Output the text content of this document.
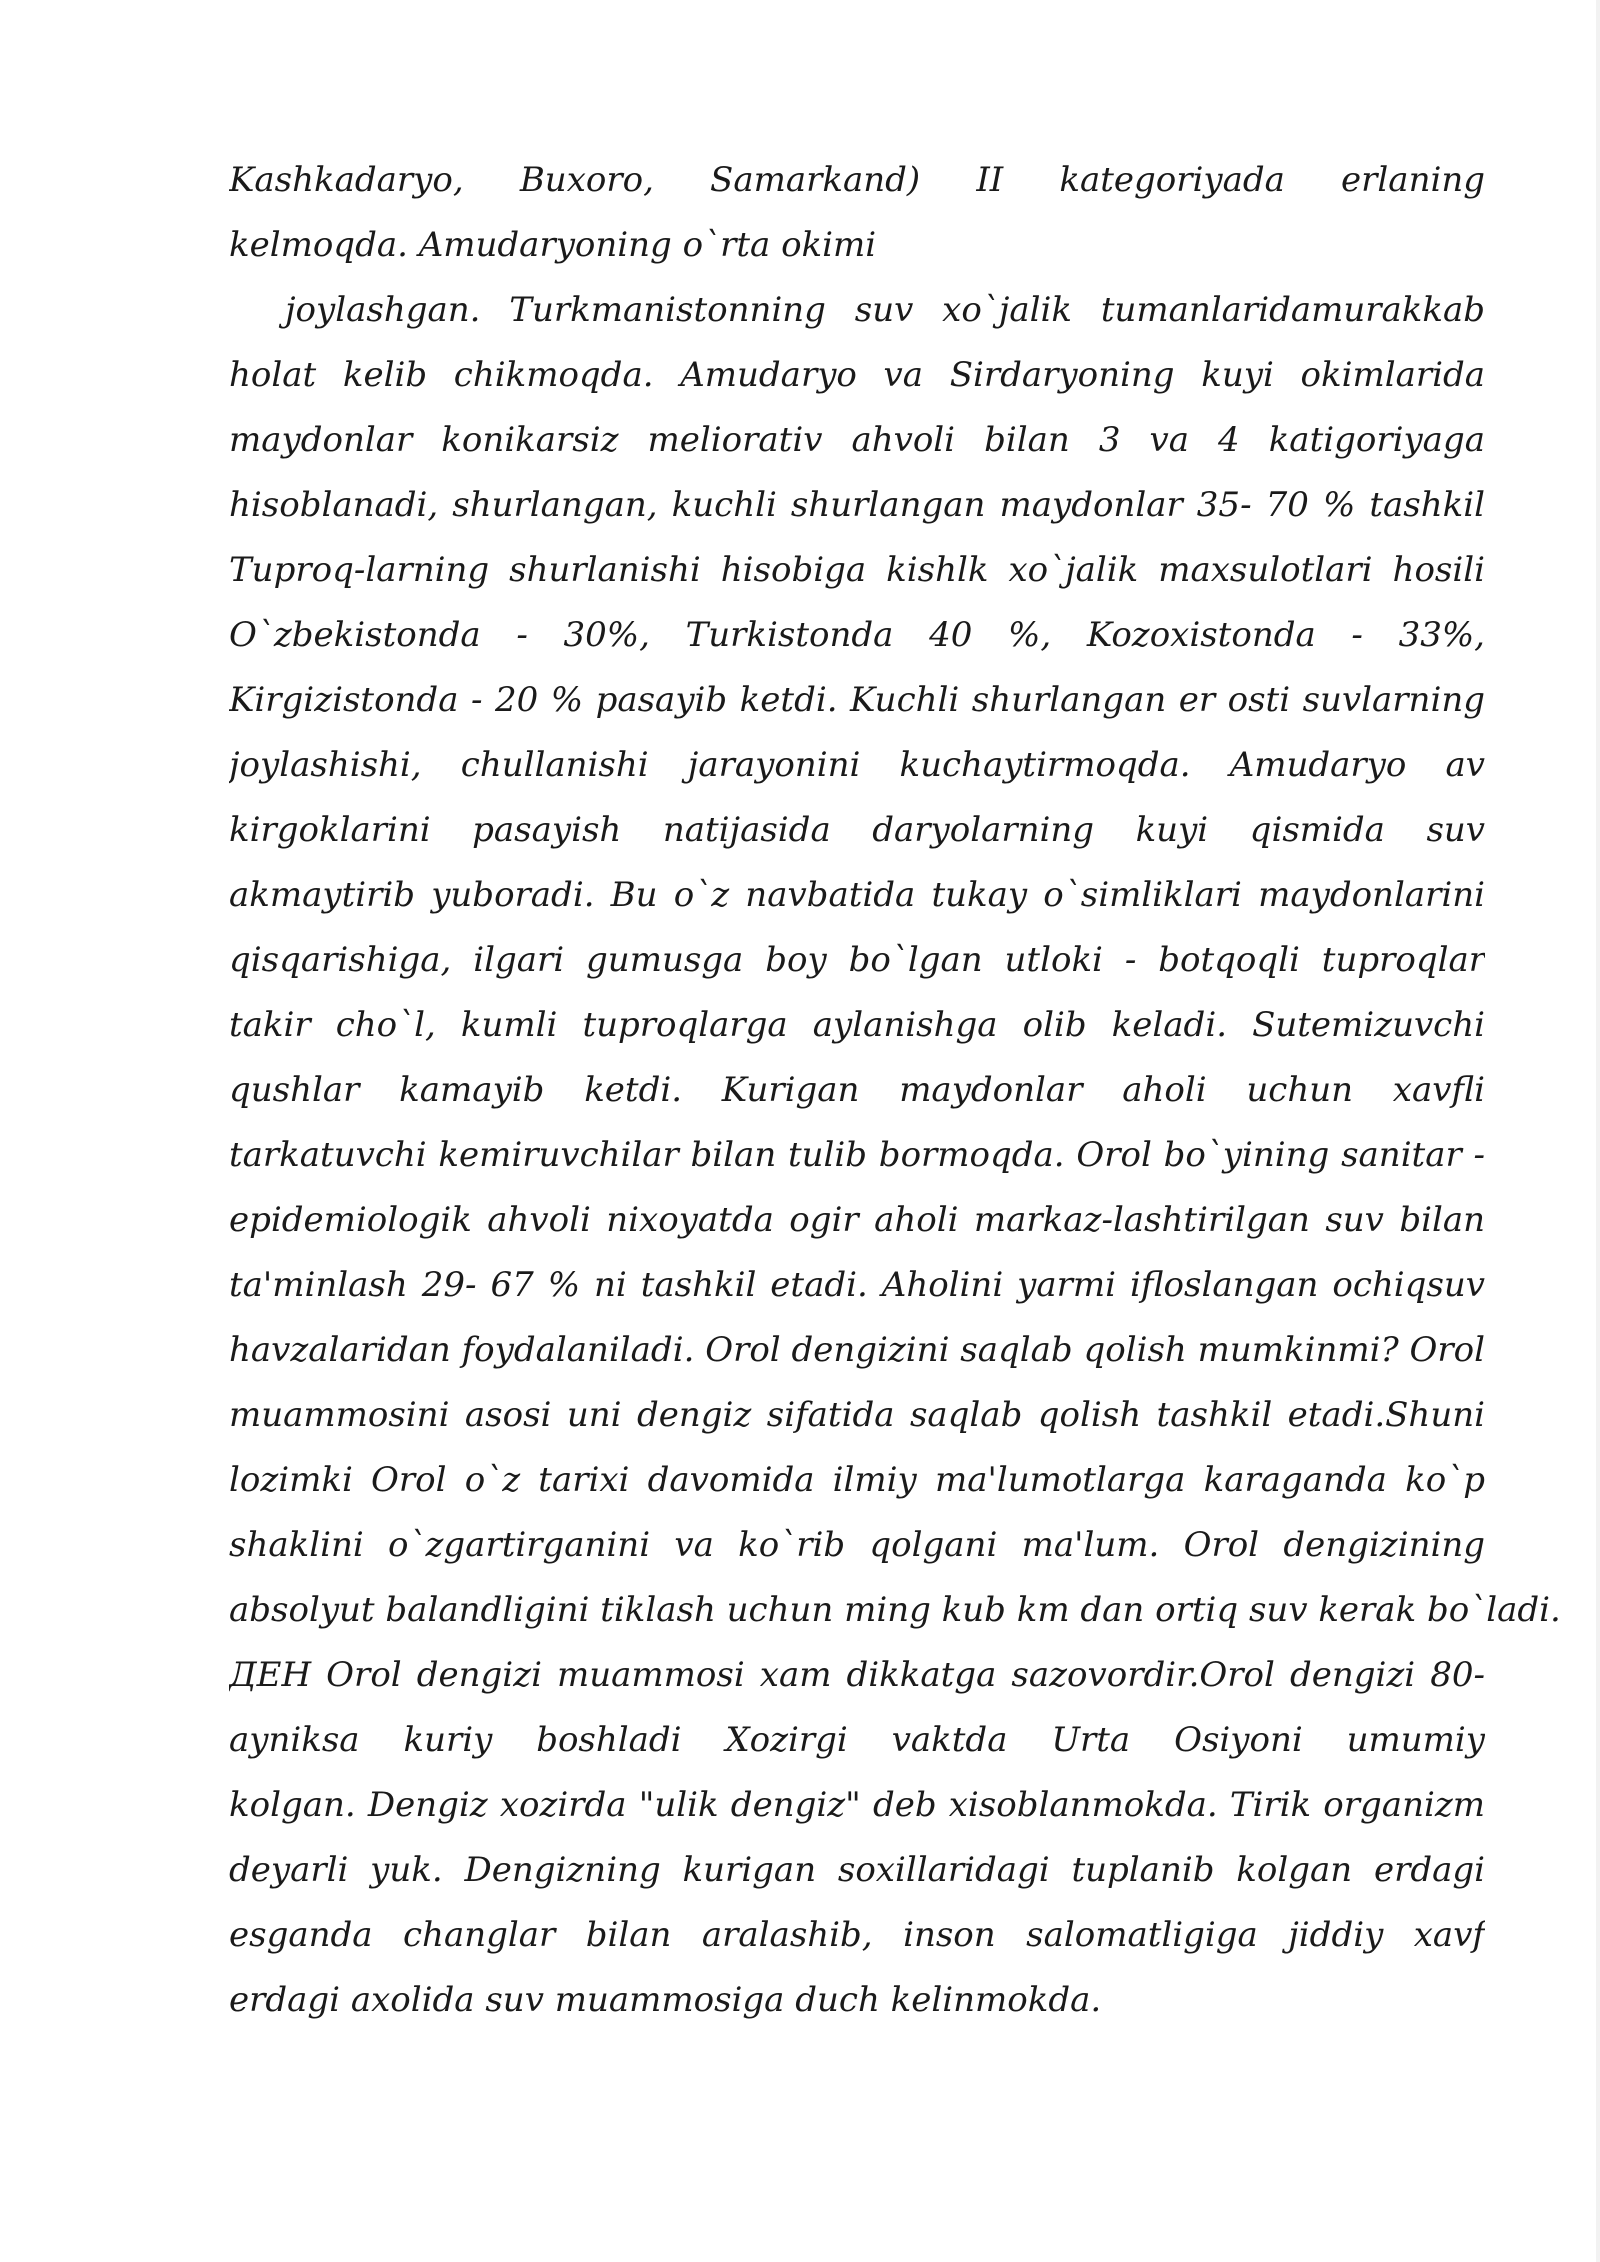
Kashkadaryo, Buxoro, Samarkand) II kategoriyada erlaning
kelmoqda. Amudaryoning o`rta okimi
joylashgan. Turkmanistonning suv xo`jalik tumanlaridamurakkab
holat kelib chikmoqda. Amudaryo va Sirdaryoning kuyi okimlarida
maydonlar konikarsiz meliorativ ahvoli bilan 3 va 4 katigoriyaga
hisoblanadi, shurlangan, kuchli shurlangan maydonlar 35- 70 % tashkil
Tuproq-larning shurlanishi hisobiga kishlk xo`jalik maxsulotlari hosili
O`zbekistonda - 30%, Turkistonda 40 %, Kozoxistonda - 33%,
Kirgizistonda - 20 % pasayib ketdi. Kuchli shurlangan er osti suvlarning
joylashishi, chullanishi jarayonini kuchaytirmoqda. Amudaryo av
kirgoklarini pasayish natijasida daryolarning kuyi qismida suv
akmaytirib yuboradi. Bu o`z navbatida tukay o`simliklari maydonlarini
qisqarishiga, ilgari gumusga boy bo`lgan utloki - botqoqli tuproqlar
takir cho`l, kumli tuproqlarga aylanishga olib keladi. Sutemizuvchi
qushlar kamayib ketdi. Kurigan maydonlar aholi uchun xavfli
tarkatuvchi kemiruvchilar bilan tulib bormoqda. Orol bo`yining sanitar -
epidemiologik ahvoli nixoyatda ogir aholi markaz-lashtirilgan suv bilan
ta'minlash 29- 67 % ni tashkil etadi. Aholini yarmi ifloslangan ochiqsuv
havzalaridan foydalaniladi. Orol dengizini saqlab qolish mumkinmi? Orol
muammosini asosi uni dengiz sifatida saqlab qolish tashkil etadi.Shuni
lozimki Orol o`z tarixi davomida ilmiy ma'lumotlarga karaganda ko`p
shaklini o`zgartirganini va ko`rib qolgani ma'lum. Orol dengizining
absolyut balandligini tiklash uchun ming kub km dan ortiq suv kerak bo`ladi.
ДЕН Orol dengizi muammosi xam dikkatga sazovordir.Orol dengizi 80-
ayniksa kuriy boshladi Xozirgi vaktda Urta Osiyoni umumiy
kolgan. Dengiz xozirda "ulik dengiz" deb xisoblanmokda. Tirik organizm
deyarli yuk. Dengizning kurigan soxillaridagi tuplanib kolgan erdagi
esganda changlar bilan aralashib, inson salomatligiga jiddiy xavf
erdagi axolida suv muammosiga duch kelinmokda.
